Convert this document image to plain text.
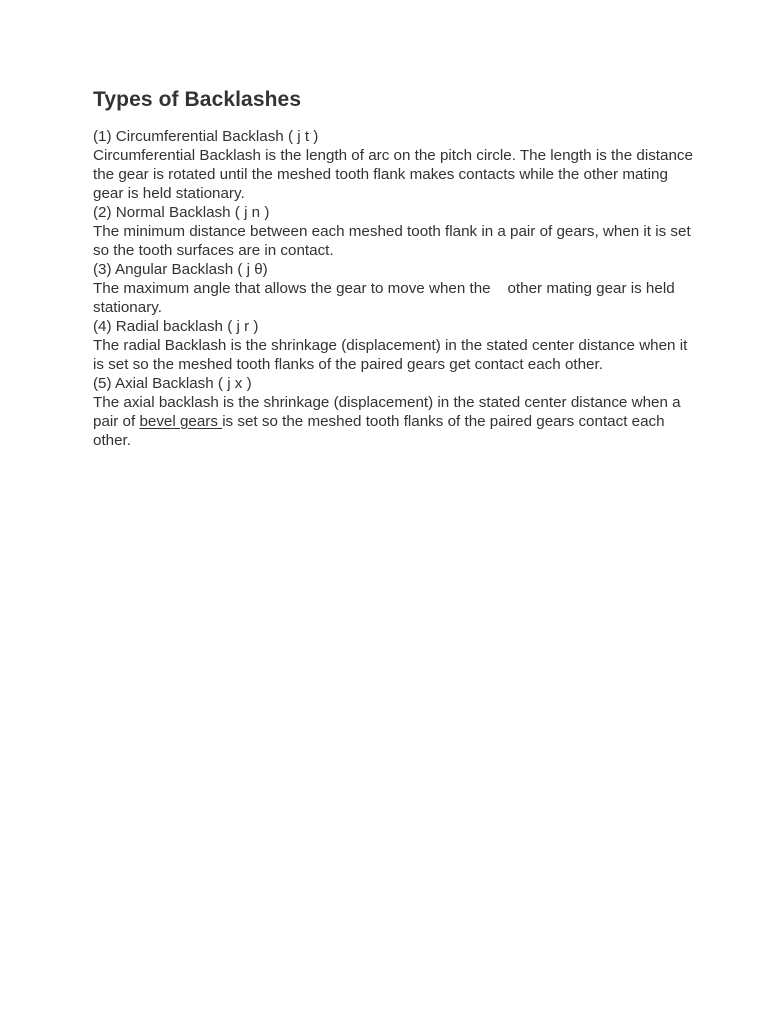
Types of Backlashes

(1) Circumferential Backlash ( j t )

Circumferential Backlash is the length of arc on the pitch circle. The length is the distance the gear is rotated until the meshed tooth flank makes contacts while the other mating gear is held stationary.

(2) Normal Backlash ( j n )

The minimum distance between each meshed tooth flank in a pair of gears, when it is set so the tooth surfaces are in contact.

(3) Angular Backlash ( j θ)

The maximum angle that allows the gear to move when the    other mating gear is held stationary.

(4) Radial backlash ( j r )

The radial Backlash is the shrinkage (displacement) in the stated center distance when it is set so the meshed tooth flanks of the paired gears get contact each other.

(5) Axial Backlash ( j x )

The axial backlash is the shrinkage (displacement) in the stated center distance when a pair of bevel gears is set so the meshed tooth flanks of the paired gears contact each other.
